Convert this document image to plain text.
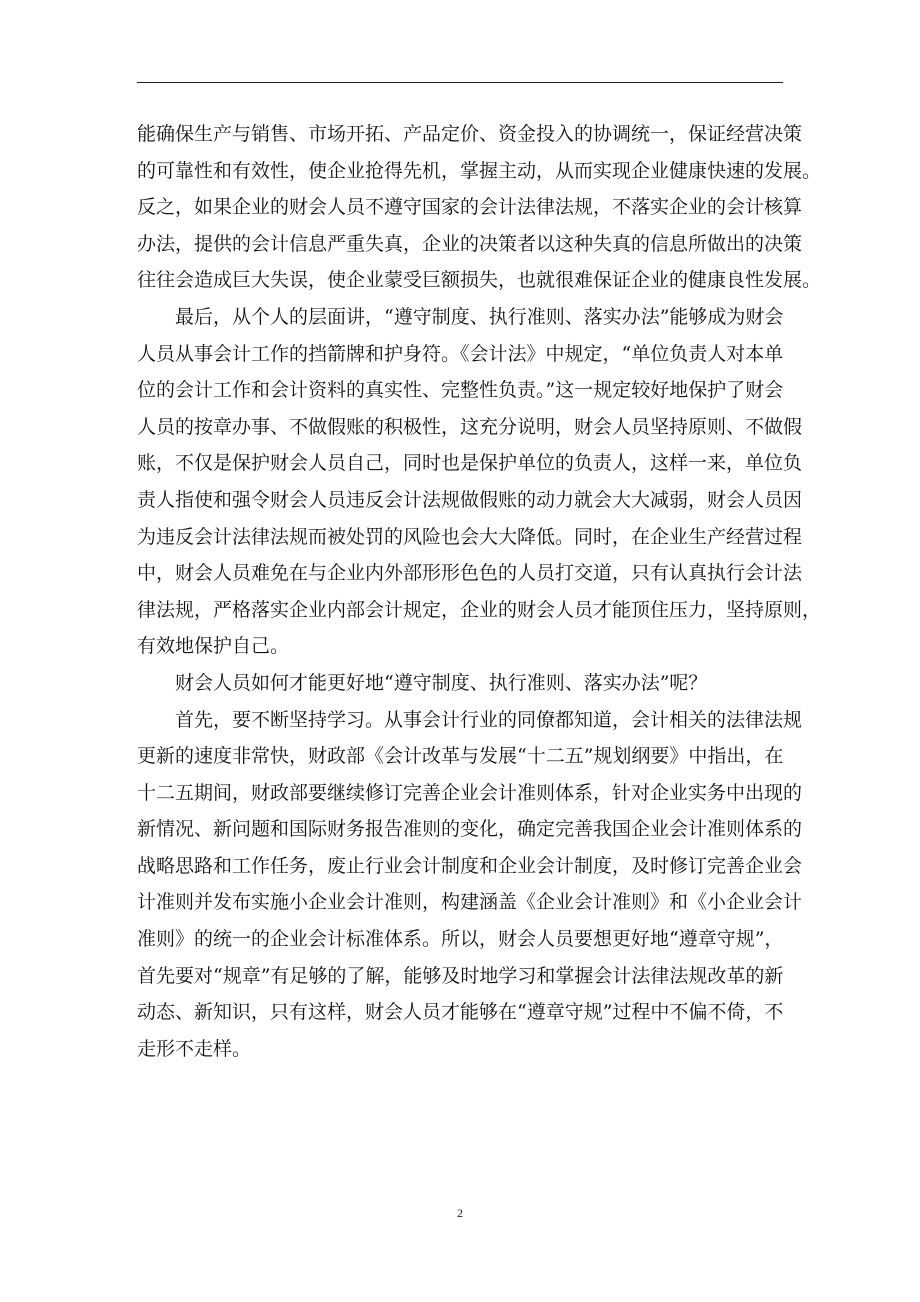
能确保生产与销售、市场开拓、产品定价、资金投入的协调统一，保证经营决策
的可靠性和有效性，使企业抢得先机，掌握主动，从而实现企业健康快速的发展。
反之，如果企业的财会人员不遵守国家的会计法律法规，不落实企业的会计核算
办法，提供的会计信息严重失真，企业的决策者以这种失真的信息所做出的决策
往往会造成巨大失误，使企业蒙受巨额损失，也就很难保证企业的健康良性发展。
最后，从个人的层面讲，“遵守制度、执行准则、落实办法”能够成为财会
人员从事会计工作的挡箭牌和护身符。《会计法》中规定，“单位负责人对本单
位的会计工作和会计资料的真实性、完整性负责。”这一规定较好地保护了财会
人员的按章办事、不做假账的积极性，这充分说明，财会人员坚持原则、不做假
账，不仅是保护财会人员自己，同时也是保护单位的负责人，这样一来，单位负
责人指使和强令财会人员违反会计法规做假账的动力就会大大减弱，财会人员因
为违反会计法律法规而被处罚的风险也会大大降低。同时，在企业生产经营过程
中，财会人员难免在与企业内外部形形色色的人员打交道，只有认真执行会计法
律法规，严格落实企业内部会计规定，企业的财会人员才能顶住压力，坚持原则，
有效地保护自己。
财会人员如何才能更好地“遵守制度、执行准则、落实办法”呢？
首先，要不断坚持学习。从事会计行业的同僚都知道，会计相关的法律法规
更新的速度非常快，财政部《会计改革与发展“十二五”规划纲要》中指出，在
十二五期间，财政部要继续修订完善企业会计准则体系，针对企业实务中出现的
新情况、新问题和国际财务报告准则的变化，确定完善我国企业会计准则体系的
战略思路和工作任务，废止行业会计制度和企业会计制度，及时修订完善企业会
计准则并发布实施小企业会计准则，构建涵盖《企业会计准则》和《小企业会计
准则》的统一的企业会计标准体系。所以，财会人员要想更好地“遵章守规”，
首先要对“规章”有足够的了解，能够及时地学习和掌握会计法律法规改革的新
动态、新知识，只有这样，财会人员才能够在“遵章守规”过程中不偏不倚，不
走形不走样。
2
